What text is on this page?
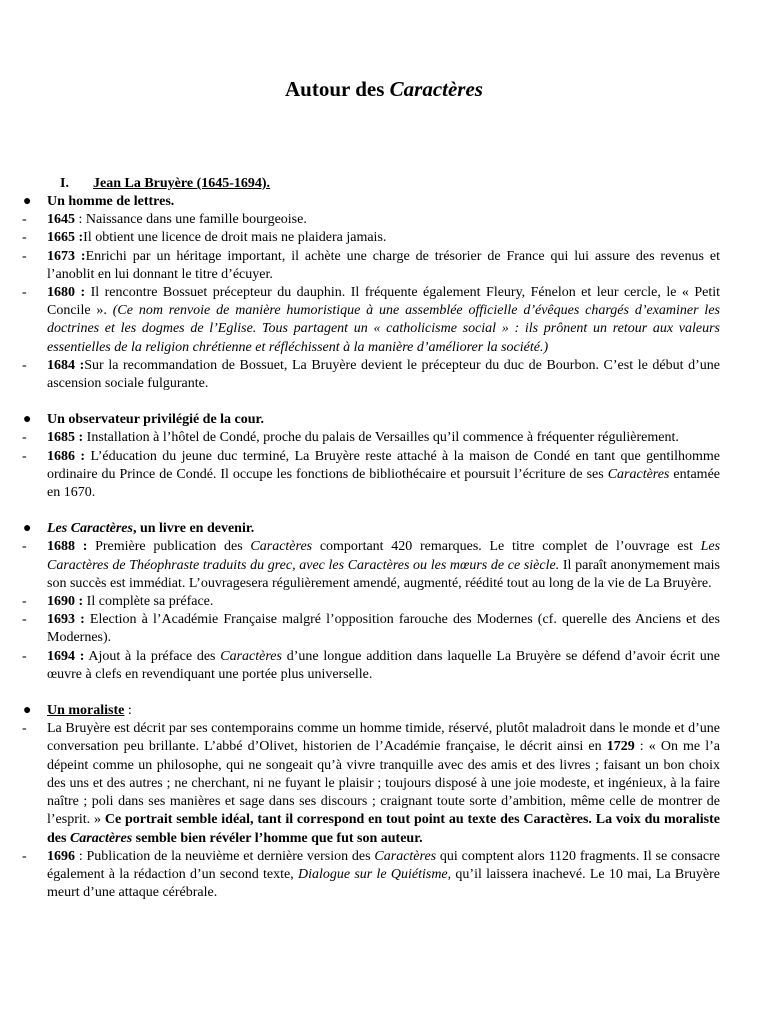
Autour des Caractères
I. Jean La Bruyère (1645-1694).
● Un homme de lettres.
- 1645 : Naissance dans une famille bourgeoise.
- 1665 :Il obtient une licence de droit mais ne plaidera jamais.
- 1673 :Enrichi par un héritage important, il achète une charge de trésorier de France qui lui assure des revenus et l’anoblit en lui donnant le titre d’écuyer.
- 1680 : Il rencontre Bossuet précepteur du dauphin. Il fréquente également Fleury, Fénelon et leur cercle, le « Petit Concile ». (Ce nom renvoie de manière humoristique à une assemblée officielle d’évêques chargés d’examiner les doctrines et les dogmes de l’Eglise. Tous partagent un « catholicisme social » : ils prônent un retour aux valeurs essentielles de la religion chrétienne et réfléchissent à la manière d’améliorer la société.)
- 1684 :Sur la recommandation de Bossuet, La Bruyère devient le précepteur du duc de Bourbon. C’est le début d’une ascension sociale fulgurante.
● Un observateur privilégié de la cour.
- 1685 : Installation à l’hôtel de Condé, proche du palais de Versailles qu’il commence à fréquenter régulièrement.
- 1686 : L’éducation du jeune duc terminé, La Bruyère reste attaché à la maison de Condé en tant que gentilhomme ordinaire du Prince de Condé. Il occupe les fonctions de bibliothécaire et poursuit l’écriture de ses Caractères entamée en 1670.
● Les Caractères, un livre en devenir.
- 1688 : Première publication des Caractères comportant 420 remarques. Le titre complet de l’ouvrage est Les Caractères de Théophraste traduits du grec, avec les Caractères ou les mœurs de ce siècle. Il paraît anonymement mais son succès est immédiat. L’ouvragesera régulièrement amendé, augmenté, réédité tout au long de la vie de La Bruyère.
- 1690 : Il complète sa préface.
- 1693 : Election à l’Académie Française malgré l’opposition farouche des Modernes (cf. querelle des Anciens et des Modernes).
- 1694 : Ajout à la préface des Caractères d’une longue addition dans laquelle La Bruyère se défend d’avoir écrit une œuvre à clefs en revendiquant une portée plus universelle.
● Un moraliste :
- La Bruyère est décrit par ses contemporains comme un homme timide, réservé, plutôt maladroit dans le monde et d’une conversation peu brillante. L’abbé d’Olivet, historien de l’Académie française, le décrit ainsi en 1729 : « On me l’a dépeint comme un philosophe, qui ne songeait qu’à vivre tranquille avec des amis et des livres ; faisant un bon choix des uns et des autres ; ne cherchant, ni ne fuyant le plaisir ; toujours disposé à une joie modeste, et ingénieux, à la faire naître ; poli dans ses manières et sage dans ses discours ; craignant toute sorte d’ambition, même celle de montrer de l’esprit. » Ce portrait semble idéal, tant il correspond en tout point au texte des Caractères. La voix du moraliste des Caractères semble bien révéler l’homme que fut son auteur.
- 1696 : Publication de la neuvième et dernière version des Caractères qui comptent alors 1120 fragments. Il se consacre également à la rédaction d’un second texte, Dialogue sur le Quiétisme, qu’il laissera inachevé. Le 10 mai, La Bruyère meurt d’une attaque cérébrale.
